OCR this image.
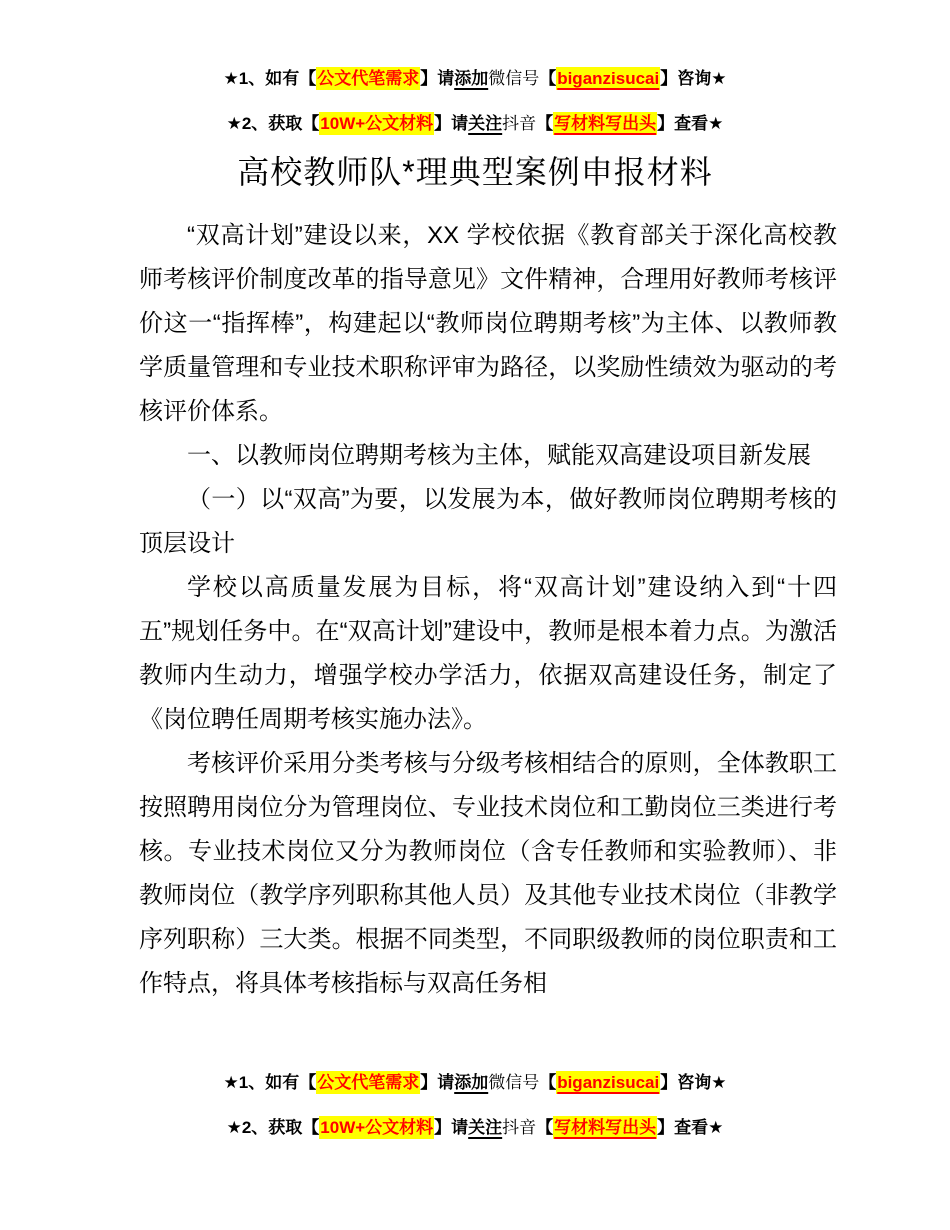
★1、如有【公文代笔需求】请添加微信号【biganzisucai】咨询★
★2、获取【10W+公文材料】请关注抖音【写材料写出头】查看★
高校教师队*理典型案例申报材料

“双高计划”建设以来，XX 学校依据《教育部关于深化高校教师考核评价制度改革的指导意见》文件精神，合理用好教师考核评价这一“指挥棒”，构建起以“教师岗位聘期考核”为主体、以教师教学质量管理和专业技术职称评审为路径，以奖励性绩效为驱动的考核评价体系。

一、以教师岗位聘期考核为主体，赋能双高建设项目新发展

（一）以“双高”为要，以发展为本，做好教师岗位聘期考核的顶层设计

学校以高质量发展为目标，将“双高计划”建设纳入到“十四五”规划任务中。在“双高计划”建设中，教师是根本着力点。为激活教师内生动力，增强学校办学活力，依据双高建设任务，制定了《岗位聘任周期考核实施办法》。

考核评价采用分类考核与分级考核相结合的原则，全体教职工按照聘用岗位分为管理岗位、专业技术岗位和工勤岗位三类进行考核。专业技术岗位又分为教师岗位（含专任教师和实验教师）、非教师岗位（教学序列职称其他人员）及其他专业技术岗位（非教学序列职称）三大类。根据不同类型，不同职级教师的岗位职责和工作特点，将具体考核指标与双高任务相

★1、如有【公文代笔需求】请添加微信号【biganzisucai】咨询★
★2、获取【10W+公文材料】请关注抖音【写材料写出头】查看★
